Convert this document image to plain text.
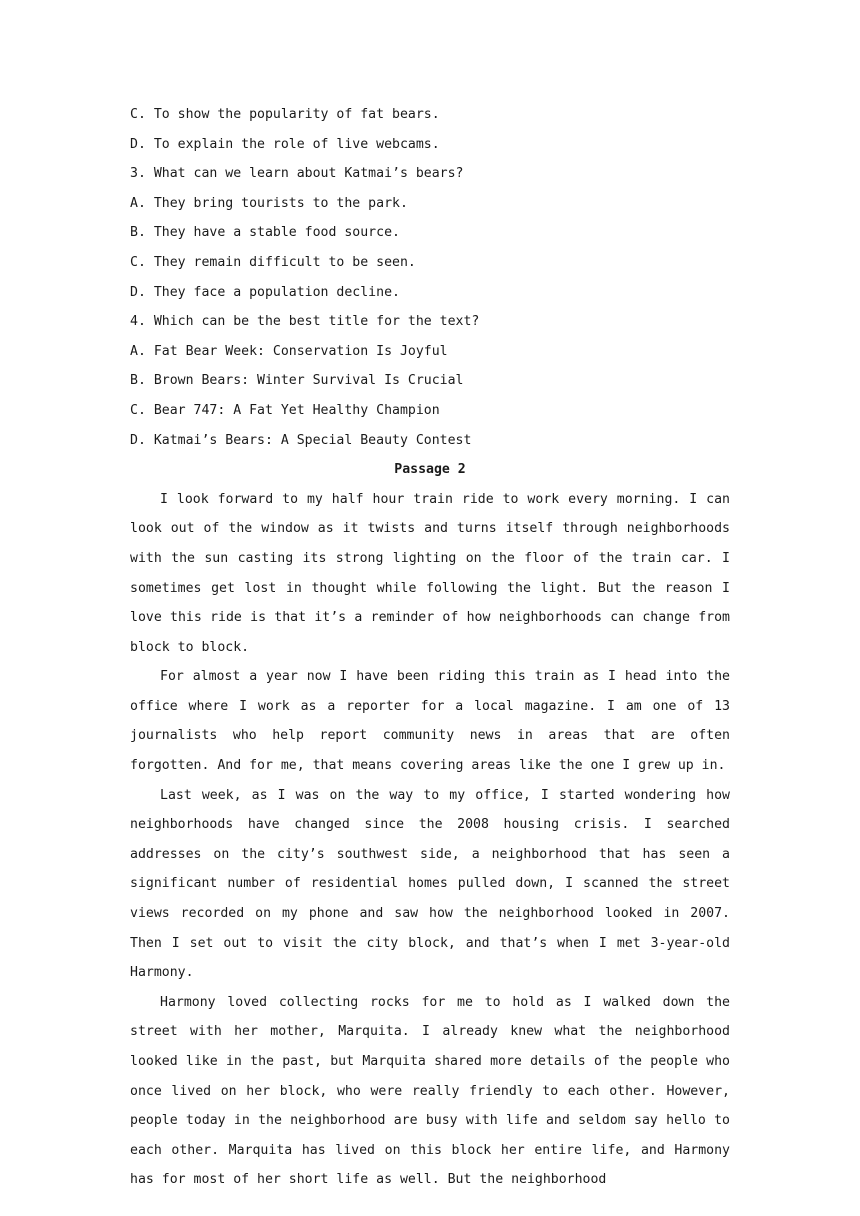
C. To show the popularity of fat bears.
D. To explain the role of live webcams.
3. What can we learn about Katmai’s bears?
A. They bring tourists to the park.
B. They have a stable food source.
C. They remain difficult to be seen.
D. They face a population decline.
4. Which can be the best title for the text?
A. Fat Bear Week: Conservation Is Joyful
B. Brown Bears: Winter Survival Is Crucial
C. Bear 747: A Fat Yet Healthy Champion
D. Katmai’s Bears: A Special Beauty Contest
Passage 2

I look forward to my half hour train ride to work every morning. I can look out of the window as it twists and turns itself through neighborhoods with the sun casting its strong lighting on the floor of the train car. I sometimes get lost in thought while following the light. But the reason I love this ride is that it’s a reminder of how neighborhoods can change from block to block.

For almost a year now I have been riding this train as I head into the office where I work as a reporter for a local magazine. I am one of 13 journalists who help report community news in areas that are often forgotten. And for me, that means covering areas like the one I grew up in.

Last week, as I was on the way to my office, I started wondering how neighborhoods have changed since the 2008 housing crisis. I searched addresses on the city’s southwest side, a neighborhood that has seen a significant number of residential homes pulled down, I scanned the street views recorded on my phone and saw how the neighborhood looked in 2007. Then I set out to visit the city block, and that’s when I met 3-year-old Harmony.

Harmony loved collecting rocks for me to hold as I walked down the street with her mother, Marquita. I already knew what the neighborhood looked like in the past, but Marquita shared more details of the people who once lived on her block, who were really friendly to each other. However, people today in the neighborhood are busy with life and seldom say hello to each other. Marquita has lived on this block her entire life, and Harmony has for most of her short life as well. But the neighborhood
